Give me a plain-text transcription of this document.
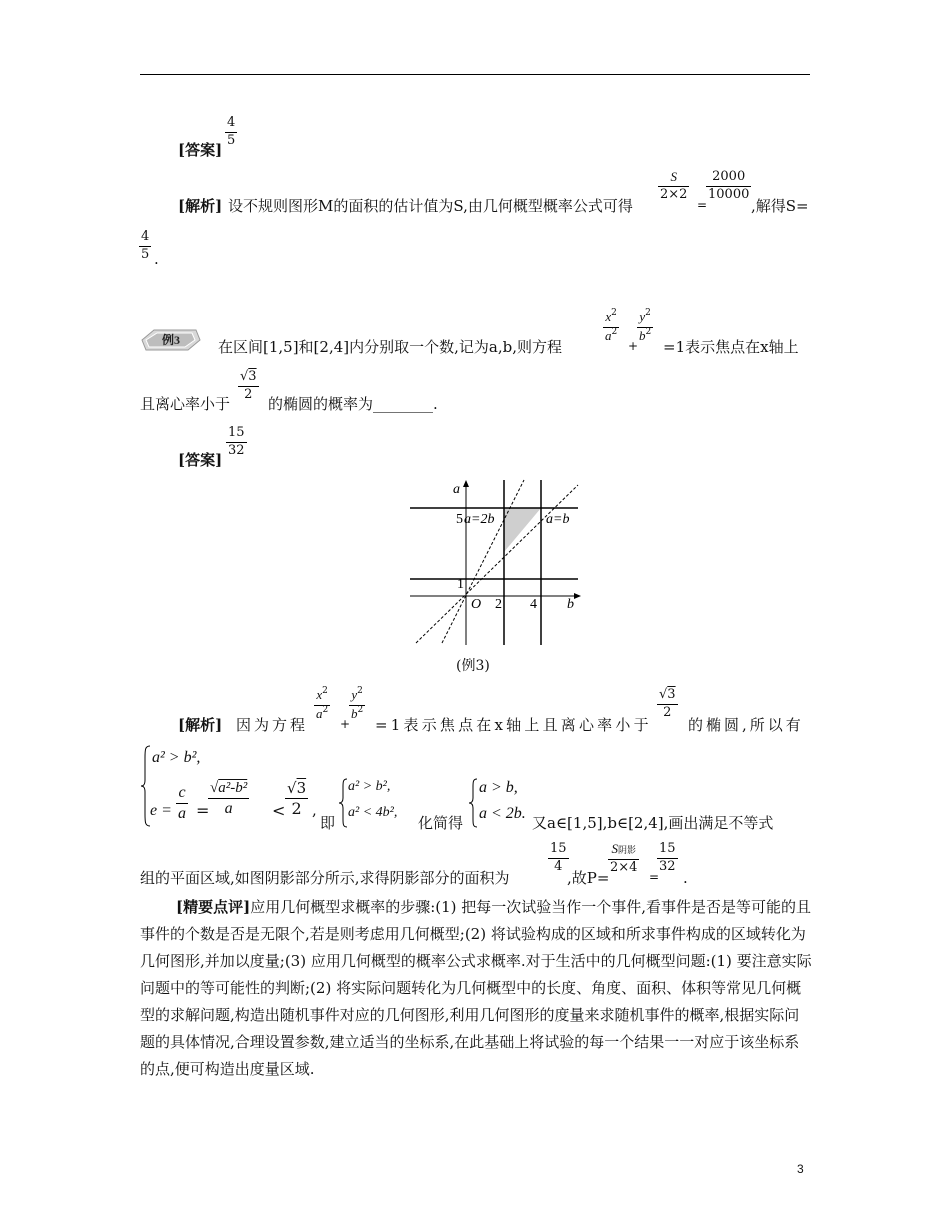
[答案]
4
5
[解析] 设不规则图形M的面积的估计值为S,由几何概型概率公式可得
S
2×2
=
2000
10000
,解得S=
4
5 .
例3	在区间[1,5]和[2,4]内分别取一个数,记为a,b,则方程
$x^2$
$a^2$
+
$y^2$
$b^2$
=1表示焦点在x轴上
且离心率小于
√3
2
的椭圆的概率为________.
[答案]
15
32
a
5 a=2b	a=b
1
O 2 4 b
(例3)
[解析] 因为方程
$x^2$
$a^2$
+
$y^2$
$b^2$
=1表示焦点在x轴上且离心率小于
√3
2
的椭圆,所以有
a² > b²,
e =
c
a =
√a²-b²
a <
√3
2 ,
即
a² > b²,
a² < 4b²,
化简得
a > b,
a < 2b.
又a∈[1,5],b∈[2,4],画出满足不等式
组的平面区域,如图阴影部分所示,求得阴影部分的面积为
15
4
,故P=
S阴影
2×4
=
15
32
.
[精要点评]应用几何概型求概率的步骤:(1) 把每一次试验当作一个事件,看事件是否是等可能的且事件的个数是否是无限个,若是则考虑用几何概型;(2) 将试验构成的区域和所求事件构成的区域转化为几何图形,并加以度量;(3) 应用几何概型的概率公式求概率.对于生活中的几何概型问题:(1) 要注意实际问题中的等可能性的判断;(2) 将实际问题转化为几何概型中的长度、角度、面积、体积等常见几何概型的求解问题,构造出随机事件对应的几何图形,利用几何图形的度量来求随机事件的概率,根据实际问题的具体情况,合理设置参数,建立适当的坐标系,在此基础上将试验的每一个结果一一对应于该坐标系的点,便可构造出度量区域.
3
